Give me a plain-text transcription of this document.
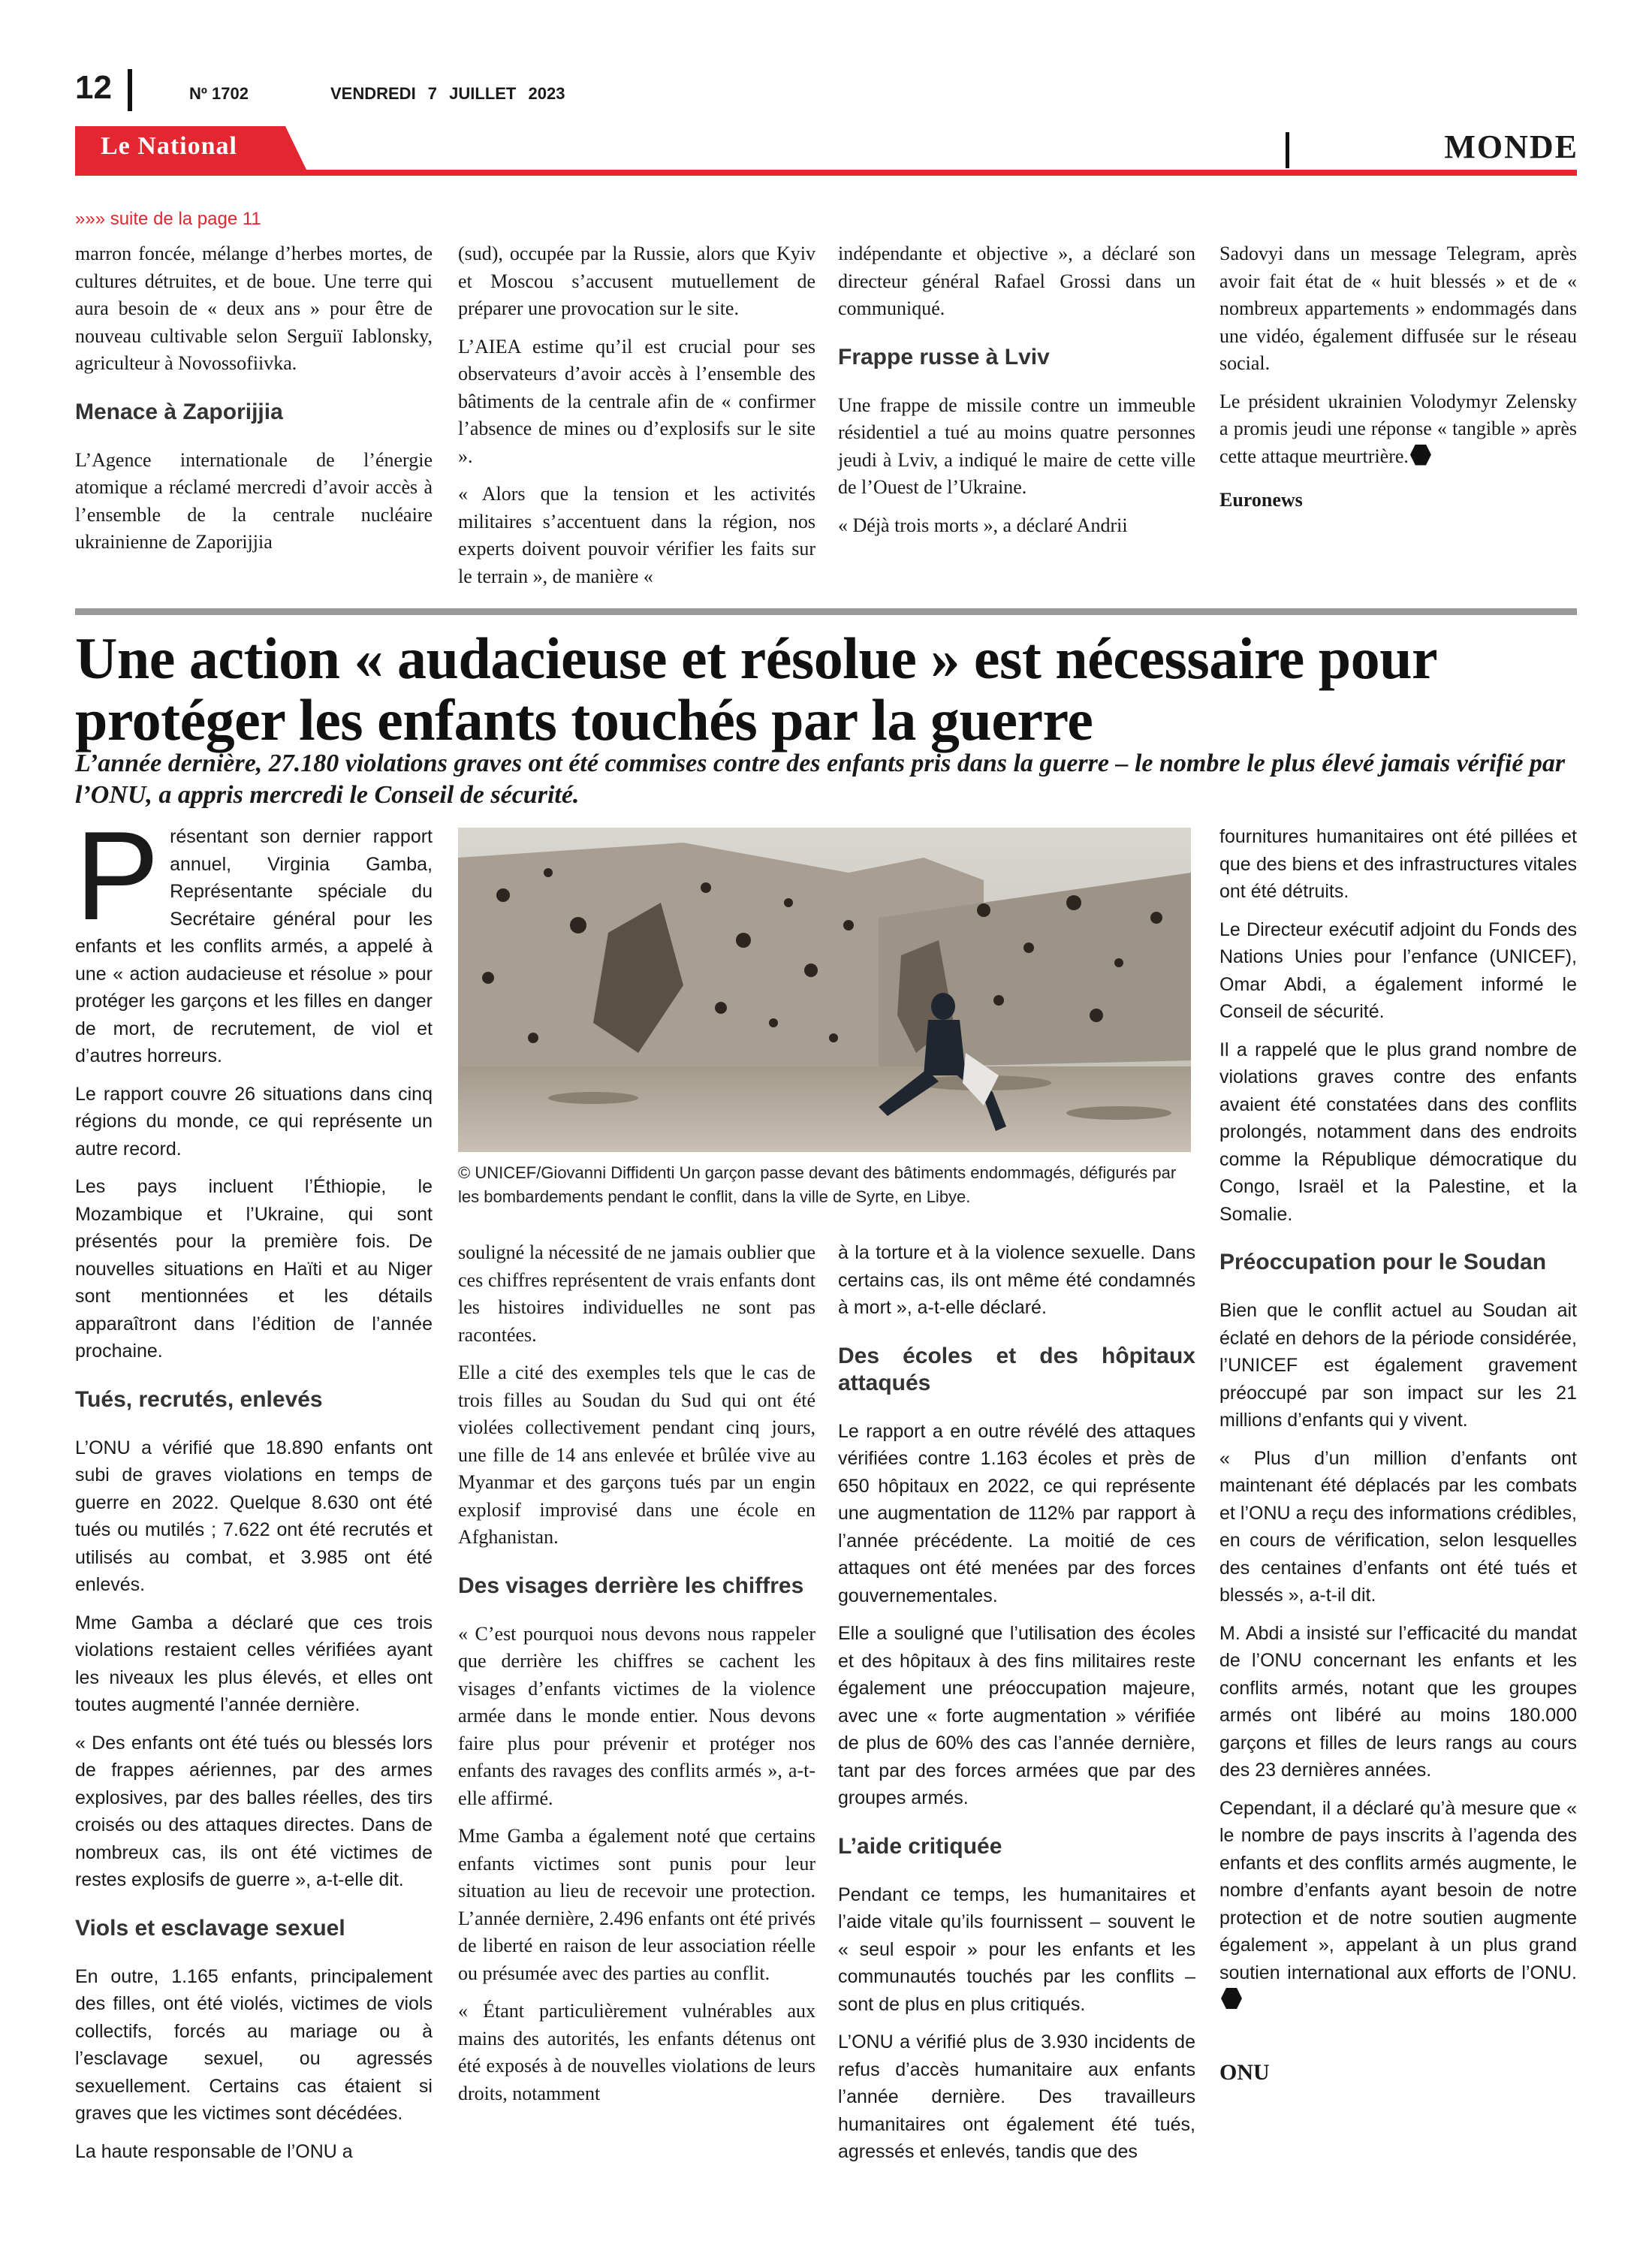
12	Nº 1702	VENDREDI 7 JUILLET 2023
Le National	MONDE
»»» suite de la page 11

marron foncée, mélange d’herbes mortes, de cultures détruites, et de boue. Une terre qui aura besoin de « deux ans » pour être de nouveau cultivable selon Serguiï Iablonsky, agriculteur à Novossofiivka.

Menace à Zaporijjia

L’Agence internationale de l’énergie atomique a réclamé mercredi d’avoir accès à l’ensemble de la centrale nucléaire ukrainienne de Zaporijjia

(sud), occupée par la Russie, alors que Kyiv et Moscou s’accusent mutuellement de préparer une provocation sur le site.

L’AIEA estime qu’il est crucial pour ses observateurs d’avoir accès à l’ensemble des bâtiments de la centrale afin de « confirmer l’absence de mines ou d’explosifs sur le site ».

« Alors que la tension et les activités militaires s’accentuent dans la région, nos experts doivent pouvoir vérifier les faits sur le terrain », de manière «

indépendante et objective », a déclaré son directeur général Rafael Grossi dans un communiqué.

Frappe russe à Lviv

Une frappe de missile contre un immeuble résidentiel a tué au moins quatre personnes jeudi à Lviv, a indiqué le maire de cette ville de l’Ouest de l’Ukraine.

« Déjà trois morts », a déclaré Andrii

Sadovyi dans un message Telegram, après avoir fait état de « huit blessés » et de « nombreux appartements » endommagés dans une vidéo, également diffusée sur le réseau social.

Le président ukrainien Volodymyr Zelensky a promis jeudi une réponse « tangible » après cette attaque meurtrière.

Euronews

Une action « audacieuse et résolue » est nécessaire pour protéger les enfants touchés par la guerre

L’année dernière, 27.180 violations graves ont été commises contre des enfants pris dans la guerre – le nombre le plus élevé jamais vérifié par l’ONU, a appris mercredi le Conseil de sécurité.

Présentant son dernier rapport annuel, Virginia Gamba, Représentante spéciale du Secrétaire général pour les enfants et les conflits armés, a appelé à une « action audacieuse et résolue » pour protéger les garçons et les filles en danger de mort, de recrutement, de viol et d’autres horreurs.

Le rapport couvre 26 situations dans cinq régions du monde, ce qui représente un autre record.

Les pays incluent l’Éthiopie, le Mozambique et l’Ukraine, qui sont présentés pour la première fois. De nouvelles situations en Haïti et au Niger sont mentionnées et les détails apparaîtront dans l’édition de l’année prochaine.

Tués, recrutés, enlevés

L’ONU a vérifié que 18.890 enfants ont subi de graves violations en temps de guerre en 2022. Quelque 8.630 ont été tués ou mutilés ; 7.622 ont été recrutés et utilisés au combat, et 3.985 ont été enlevés.

Mme Gamba a déclaré que ces trois violations restaient celles vérifiées ayant les niveaux les plus élevés, et elles ont toutes augmenté l’année dernière.

« Des enfants ont été tués ou blessés lors de frappes aériennes, par des armes explosives, par des balles réelles, des tirs croisés ou des attaques directes. Dans de nombreux cas, ils ont été victimes de restes explosifs de guerre », a-t-elle dit.

Viols et esclavage sexuel

En outre, 1.165 enfants, principalement des filles, ont été violés, victimes de viols collectifs, forcés au mariage ou à l’esclavage sexuel, ou agressés sexuellement. Certains cas étaient si graves que les victimes sont décédées.

La haute responsable de l’ONU a

© UNICEF/Giovanni Diffidenti Un garçon passe devant des bâtiments endommagés, défigurés par les bombardements pendant le conflit, dans la ville de Syrte, en Libye.

souligné la nécessité de ne jamais oublier que ces chiffres représentent de vrais enfants dont les histoires individuelles ne sont pas racontées.

Elle a cité des exemples tels que le cas de trois filles au Soudan du Sud qui ont été violées collectivement pendant cinq jours, une fille de 14 ans enlevée et brûlée vive au Myanmar et des garçons tués par un engin explosif improvisé dans une école en Afghanistan.

Des visages derrière les chiffres

« C’est pourquoi nous devons nous rappeler que derrière les chiffres se cachent les visages d’enfants victimes de la violence armée dans le monde entier. Nous devons faire plus pour prévenir et protéger nos enfants des ravages des conflits armés », a-t-elle affirmé.

Mme Gamba a également noté que certains enfants victimes sont punis pour leur situation au lieu de recevoir une protection. L’année dernière, 2.496 enfants ont été privés de liberté en raison de leur association réelle ou présumée avec des parties au conflit.

« Étant particulièrement vulnérables aux mains des autorités, les enfants détenus ont été exposés à de nouvelles violations de leurs droits, notamment

à la torture et à la violence sexuelle. Dans certains cas, ils ont même été condamnés à mort », a-t-elle déclaré.

Des écoles et des hôpitaux attaqués

Le rapport a en outre révélé des attaques vérifiées contre 1.163 écoles et près de 650 hôpitaux en 2022, ce qui représente une augmentation de 112% par rapport à l’année précédente. La moitié de ces attaques ont été menées par des forces gouvernementales.

Elle a souligné que l’utilisation des écoles et des hôpitaux à des fins militaires reste également une préoccupation majeure, avec une « forte augmentation » vérifiée de plus de 60% des cas l’année dernière, tant par des forces armées que par des groupes armés.

L’aide critiquée

Pendant ce temps, les humanitaires et l’aide vitale qu’ils fournissent – souvent le « seul espoir » pour les enfants et les communautés touchés par les conflits – sont de plus en plus critiqués.

L’ONU a vérifié plus de 3.930 incidents de refus d’accès humanitaire aux enfants l’année dernière. Des travailleurs humanitaires ont également été tués, agressés et enlevés, tandis que des

fournitures humanitaires ont été pillées et que des biens et des infrastructures vitales ont été détruits.

Le Directeur exécutif adjoint du Fonds des Nations Unies pour l’enfance (UNICEF), Omar Abdi, a également informé le Conseil de sécurité.

Il a rappelé que le plus grand nombre de violations graves contre des enfants avaient été constatées dans des conflits prolongés, notamment dans des endroits comme la République démocratique du Congo, Israël et la Palestine, et la Somalie.

Préoccupation pour le Soudan

Bien que le conflit actuel au Soudan ait éclaté en dehors de la période considérée, l’UNICEF est également gravement préoccupé par son impact sur les 21 millions d’enfants qui y vivent.

« Plus d’un million d’enfants ont maintenant été déplacés par les combats et l’ONU a reçu des informations crédibles, en cours de vérification, selon lesquelles des centaines d’enfants ont été tués et blessés », a-t-il dit.

M. Abdi a insisté sur l’efficacité du mandat de l’ONU concernant les enfants et les conflits armés, notant que les groupes armés ont libéré au moins 180.000 garçons et filles de leurs rangs au cours des 23 dernières années.

Cependant, il a déclaré qu’à mesure que « le nombre de pays inscrits à l’agenda des enfants et des conflits armés augmente, le nombre d’enfants ayant besoin de notre protection et de notre soutien augmente également », appelant à un plus grand soutien international aux efforts de l’ONU.

ONU
